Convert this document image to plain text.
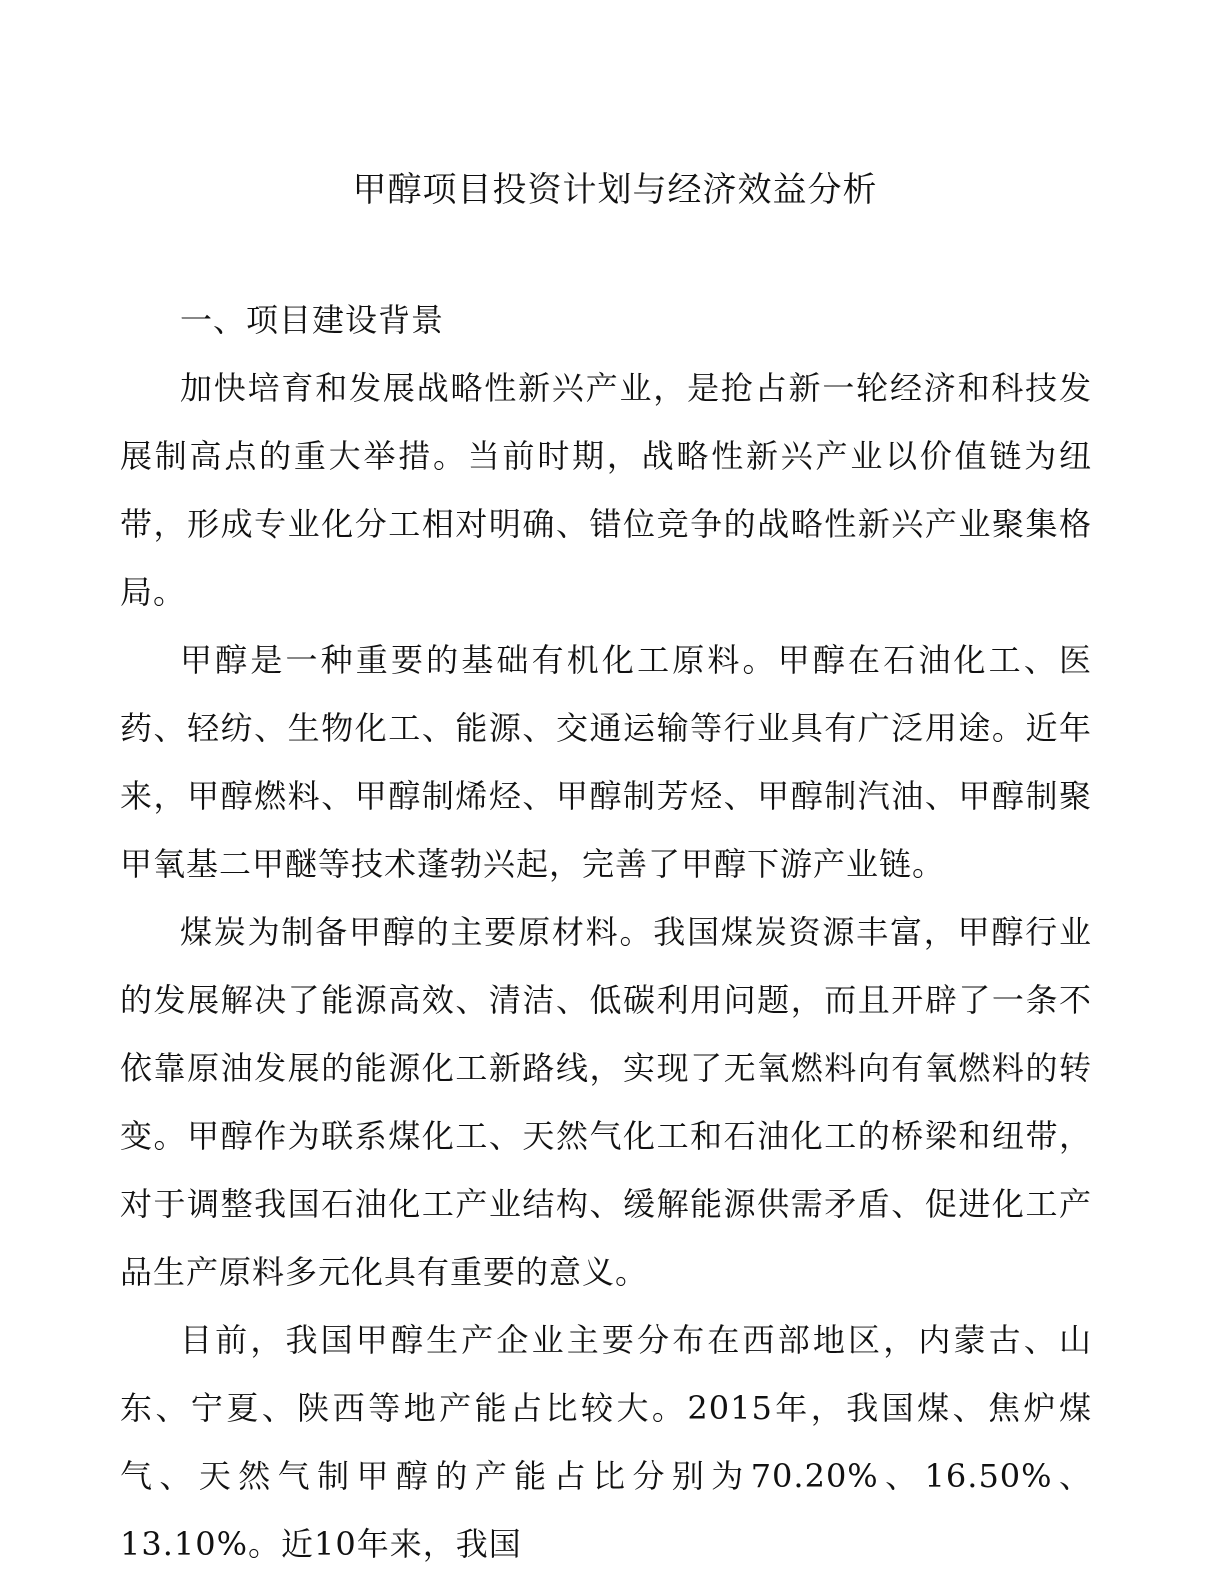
甲醇项目投资计划与经济效益分析
一、项目建设背景

加快培育和发展战略性新兴产业，是抢占新一轮经济和科技发展制高点的重大举措。当前时期，战略性新兴产业以价值链为纽带，形成专业化分工相对明确、错位竞争的战略性新兴产业聚集格局。

甲醇是一种重要的基础有机化工原料。甲醇在石油化工、医药、轻纺、生物化工、能源、交通运输等行业具有广泛用途。近年来，甲醇燃料、甲醇制烯烃、甲醇制芳烃、甲醇制汽油、甲醇制聚甲氧基二甲醚等技术蓬勃兴起，完善了甲醇下游产业链。

煤炭为制备甲醇的主要原材料。我国煤炭资源丰富，甲醇行业的发展解决了能源高效、清洁、低碳利用问题，而且开辟了一条不依靠原油发展的能源化工新路线，实现了无氧燃料向有氧燃料的转变。甲醇作为联系煤化工、天然气化工和石油化工的桥梁和纽带，对于调整我国石油化工产业结构、缓解能源供需矛盾、促进化工产品生产原料多元化具有重要的意义。

目前，我国甲醇生产企业主要分布在西部地区，内蒙古、山东、宁夏、陕西等地产能占比较大。2015年，我国煤、焦炉煤气、天然气制甲醇的产能占比分别为70.20%、16.50%、13.10%。近10年来，我国
